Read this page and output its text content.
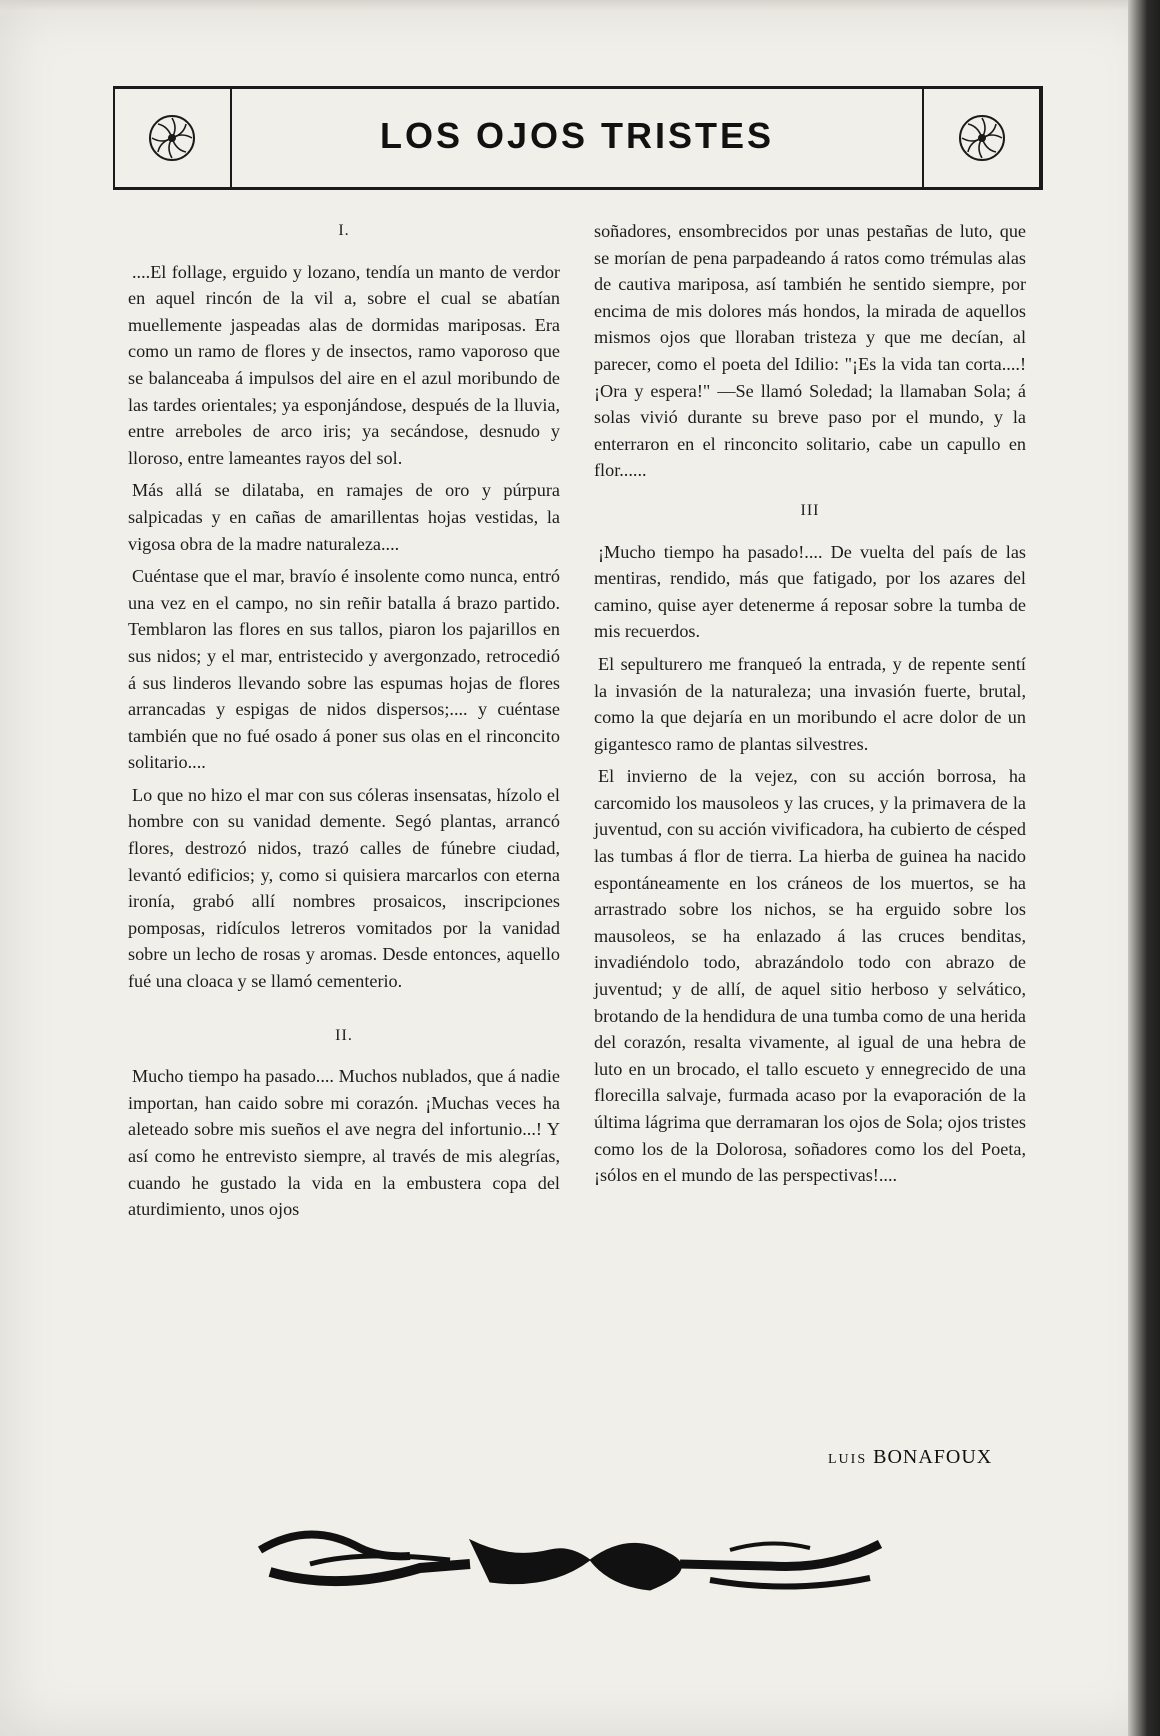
LOS OJOS TRISTES
I.

....El follage, erguido y lozano, tendía un manto de verdor en aquel rincón de la vil a, sobre el cual se abatían muellemente jaspeadas alas de dormidas mariposas. Era como un ramo de flores y de insectos, ramo vaporoso que se balanceaba á impulsos del aire en el azul moribundo de las tardes orientales; ya esponjándose, después de la lluvia, entre arreboles de arco iris; ya secándose, desnudo y lloroso, entre lameantes rayos del sol.

Más allá se dilataba, en ramajes de oro y púrpura salpicadas y en cañas de amarillentas hojas vestidas, la vigosa obra de la madre naturaleza....

Cuéntase que el mar, bravío é insolente como nunca, entró una vez en el campo, no sin reñir batalla á brazo partido. Temblaron las flores en sus tallos, piaron los pajarillos en sus nidos; y el mar, entristecido y avergonzado, retrocedió á sus linderos llevando sobre las espumas hojas de flores arrancadas y espigas de nidos dispersos;.... y cuéntase también que no fué osado á poner sus olas en el rinconcito solitario....

Lo que no hizo el mar con sus cóleras insensatas, hízolo el hombre con su vanidad demente. Segó plantas, arrancó flores, destrozó nidos, trazó calles de fúnebre ciudad, levantó edificios; y, como si quisiera marcarlos con eterna ironía, grabó allí nombres prosaicos, inscripciones pomposas, ridículos letreros vomitados por la vanidad sobre un lecho de rosas y aromas. Desde entonces, aquello fué una cloaca y se llamó cementerio.

II.

Mucho tiempo ha pasado.... Muchos nublados, que á nadie importan, han caido sobre mi corazón. ¡Muchas veces ha aleteado sobre mis sueños el ave negra del infortunio...! Y así como he entrevisto siempre, al través de mis alegrías, cuando he gustado la vida en la embustera copa del aturdimiento, unos ojos

soñadores, ensombrecidos por unas pestañas de luto, que se morían de pena parpadeando á ratos como trémulas alas de cautiva mariposa, así también he sentido siempre, por encima de mis dolores más hondos, la mirada de aquellos mismos ojos que lloraban tristeza y que me decían, al parecer, como el poeta del Idilio: "¡Es la vida tan corta....! ¡Ora y espera!" —Se llamó Soledad; la llamaban Sola; á solas vivió durante su breve paso por el mundo, y la enterraron en el rinconcito solitario, cabe un capullo en flor......

III

¡Mucho tiempo ha pasado!.... De vuelta del país de las mentiras, rendido, más que fatigado, por los azares del camino, quise ayer detenerme á reposar sobre la tumba de mis recuerdos.

El sepulturero me franqueó la entrada, y de repente sentí la invasión de la naturaleza; una invasión fuerte, brutal, como la que dejaría en un moribundo el acre dolor de un gigantesco ramo de plantas silvestres.

El invierno de la vejez, con su acción borrosa, ha carcomido los mausoleos y las cruces, y la primavera de la juventud, con su acción vivificadora, ha cubierto de césped las tumbas á flor de tierra. La hierba de guinea ha nacido espontáneamente en los cráneos de los muertos, se ha arrastrado sobre los nichos, se ha erguido sobre los mausoleos, se ha enlazado á las cruces benditas, invadiéndolo todo, abrazándolo todo con abrazo de juventud; y de allí, de aquel sitio herboso y selvático, brotando de la hendidura de una tumba como de una herida del corazón, resalta vivamente, al igual de una hebra de luto en un brocado, el tallo escueto y ennegrecido de una florecilla salvaje, furmada acaso por la evaporación de la última lágrima que derramaran los ojos de Sola; ojos tristes como los de la Dolorosa, soñadores como los del Poeta, ¡sólos en el mundo de las perspectivas!....

LUIS BONAFOUX
